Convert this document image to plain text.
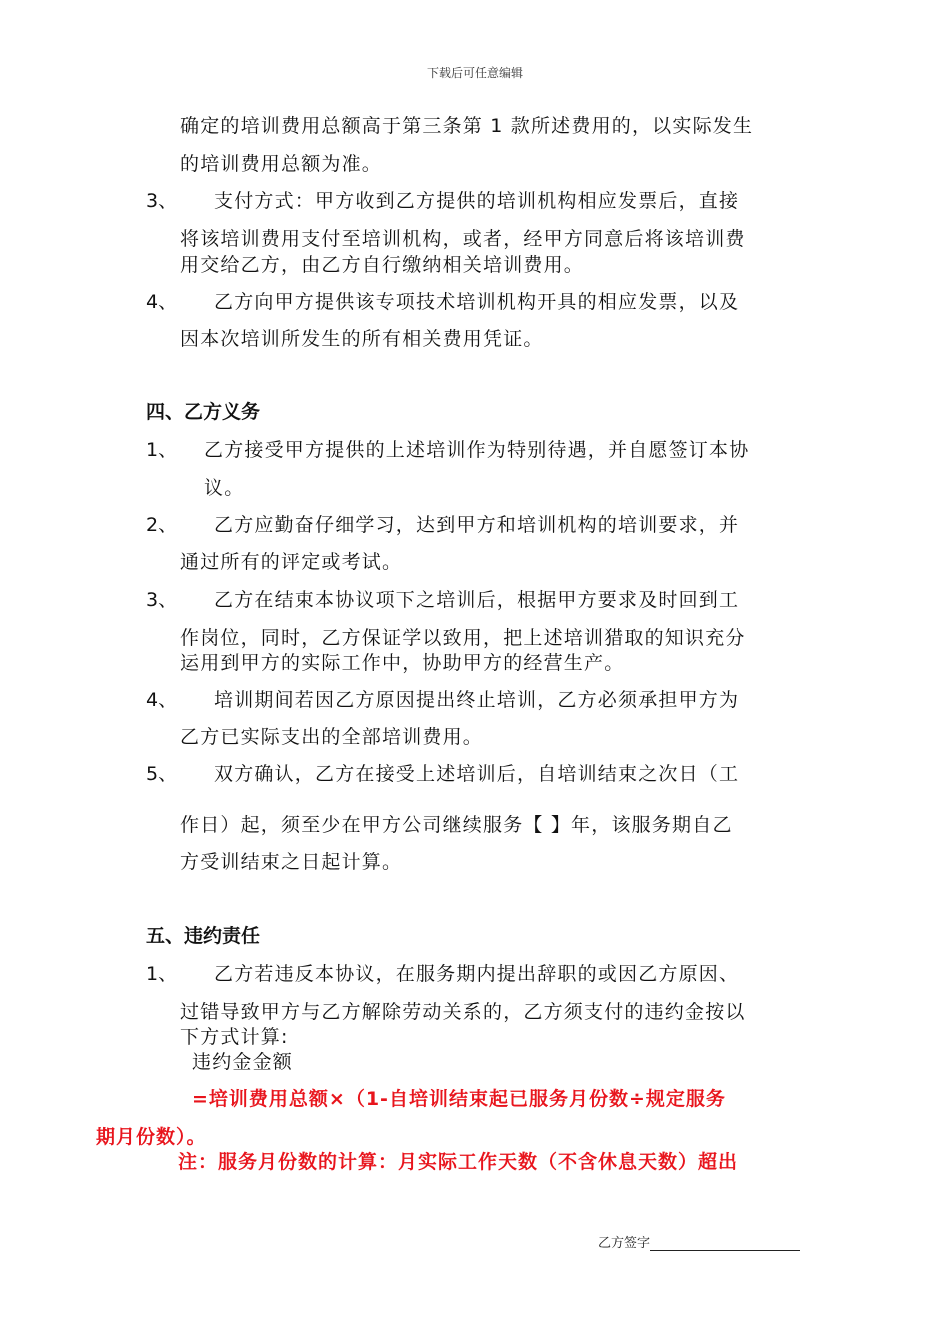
下载后可任意编辑
确定的培训费用总额高于第三条第 1 款所述费用的，以实际发生
的培训费用总额为准。
3、 支付方式：甲方收到乙方提供的培训机构相应发票后，直接
将该培训费用支付至培训机构，或者，经甲方同意后将该培训费
用交给乙方，由乙方自行缴纳相关培训费用。
4、 乙方向甲方提供该专项技术培训机构开具的相应发票，以及
因本次培训所发生的所有相关费用凭证。
四、乙方义务
1、 乙方接受甲方提供的上述培训作为特别待遇，并自愿签订本协
议。
2、 乙方应勤奋仔细学习，达到甲方和培训机构的培训要求，并
通过所有的评定或考试。
3、 乙方在结束本协议项下之培训后，根据甲方要求及时回到工
作岗位，同时，乙方保证学以致用，把上述培训猎取的知识充分
运用到甲方的实际工作中，协助甲方的经营生产。
4、 培训期间若因乙方原因提出终止培训，乙方必须承担甲方为
乙方已实际支出的全部培训费用。
5、 双方确认，乙方在接受上述培训后，自培训结束之次日（工
作日）起，须至少在甲方公司继续服务【 】年，该服务期自乙
方受训结束之日起计算。
五、违约责任
1、 乙方若违反本协议，在服务期内提出辞职的或因乙方原因、
过错导致甲方与乙方解除劳动关系的，乙方须支付的违约金按以
下方式计算:
违约金金额
=培训费用总额×（1-自培训结束起已服务月份数÷规定服务
期月份数）。
注：服务月份数的计算：月实际工作天数（不含休息天数）超出
乙方签字
